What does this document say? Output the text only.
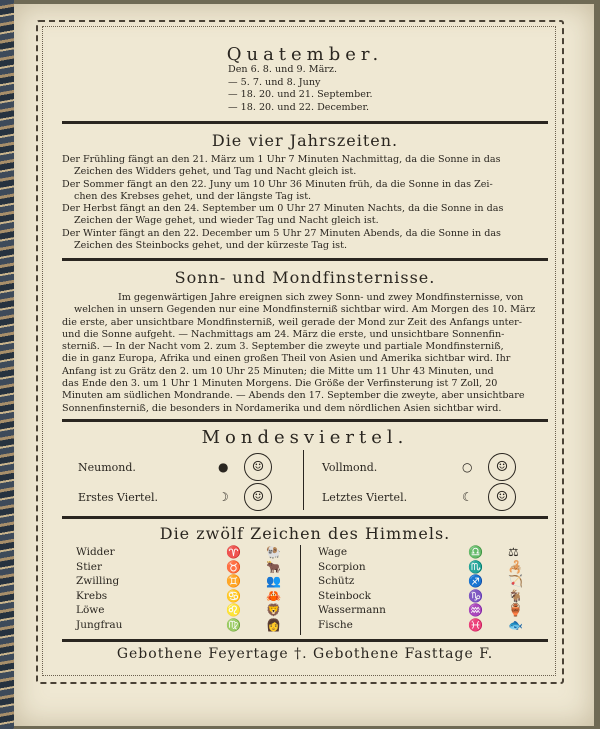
Quatember.
Den 6. 8. und 9. März.
— 5. 7. und 8. Juny
— 18. 20. und 21. September.
— 18. 20. und 22. December.
Die vier Jahrszeiten.
Der Frühling fängt an den 21. März um 1 Uhr 7 Minuten Nachmittag, da die Sonne in das
Zeichen des Widders gehet, und Tag und Nacht gleich ist.
Der Sommer fängt an den 22. Juny um 10 Uhr 36 Minuten früh, da die Sonne in das Zei-
chen des Krebses gehet, und der längste Tag ist.
Der Herbst fängt an den 24. September um 0 Uhr 27 Minuten Nachts, da die Sonne in das
Zeichen der Wage gehet, und wieder Tag und Nacht gleich ist.
Der Winter fängt an den 22. December um 5 Uhr 27 Minuten Abends, da die Sonne in das
Zeichen des Steinbocks gehet, und der kürzeste Tag ist.
Sonn- und Mondfinsternisse.
Im gegenwärtigen Jahre ereignen sich zwey Sonn- und zwey Mondfinsternisse, von
welchen in unsern Gegenden nur eine Mondfinsterniß sichtbar wird. Am Morgen des 10. März
die erste, aber unsichtbare Mondfinsterniß, weil gerade der Mond zur Zeit des Anfangs unter-
und die Sonne aufgeht. — Nachmittags am 24. März die erste, und unsichtbare Sonnenfin-
sterniß. — In der Nacht vom 2. zum 3. September die zweyte und partiale Mondfinsterniß,
die in ganz Europa, Afrika und einen großen Theil von Asien und Amerika sichtbar wird. Ihr
Anfang ist zu Grätz den 2. um 10 Uhr 25 Minuten; die Mitte um 11 Uhr 43 Minuten, und
das Ende den 3. um 1 Uhr 1 Minuten Morgens. Die Größe der Verfinsterung ist 7 Zoll, 20
Minuten am südlichen Mondrande. — Abends den 17. September die zweyte, aber unsichtbare
Sonnenfinsterniß, die besonders in Nordamerika und dem nördlichen Asien sichtbar wird.
Mondesviertel.
Neumond.	●	☺	Vollmond.	○	☺
Erstes Viertel.	☽	☺	Letztes Viertel.	☾	☺
Die zwölf Zeichen des Himmels.
Widder	♈	🐏
Stier	♉	🐂
Zwilling	♊	👥
Krebs	♋	🦀
Löwe	♌	🦁
Jungfrau	♍	👩
Wage	♎	⚖
Scorpion	♏	🦂
Schütz	♐	🏹
Steinbock	♑	🐐
Wassermann	♒	🏺
Fische	♓	🐟
Gebothene Feyertage †. Gebothene Fasttage F.
